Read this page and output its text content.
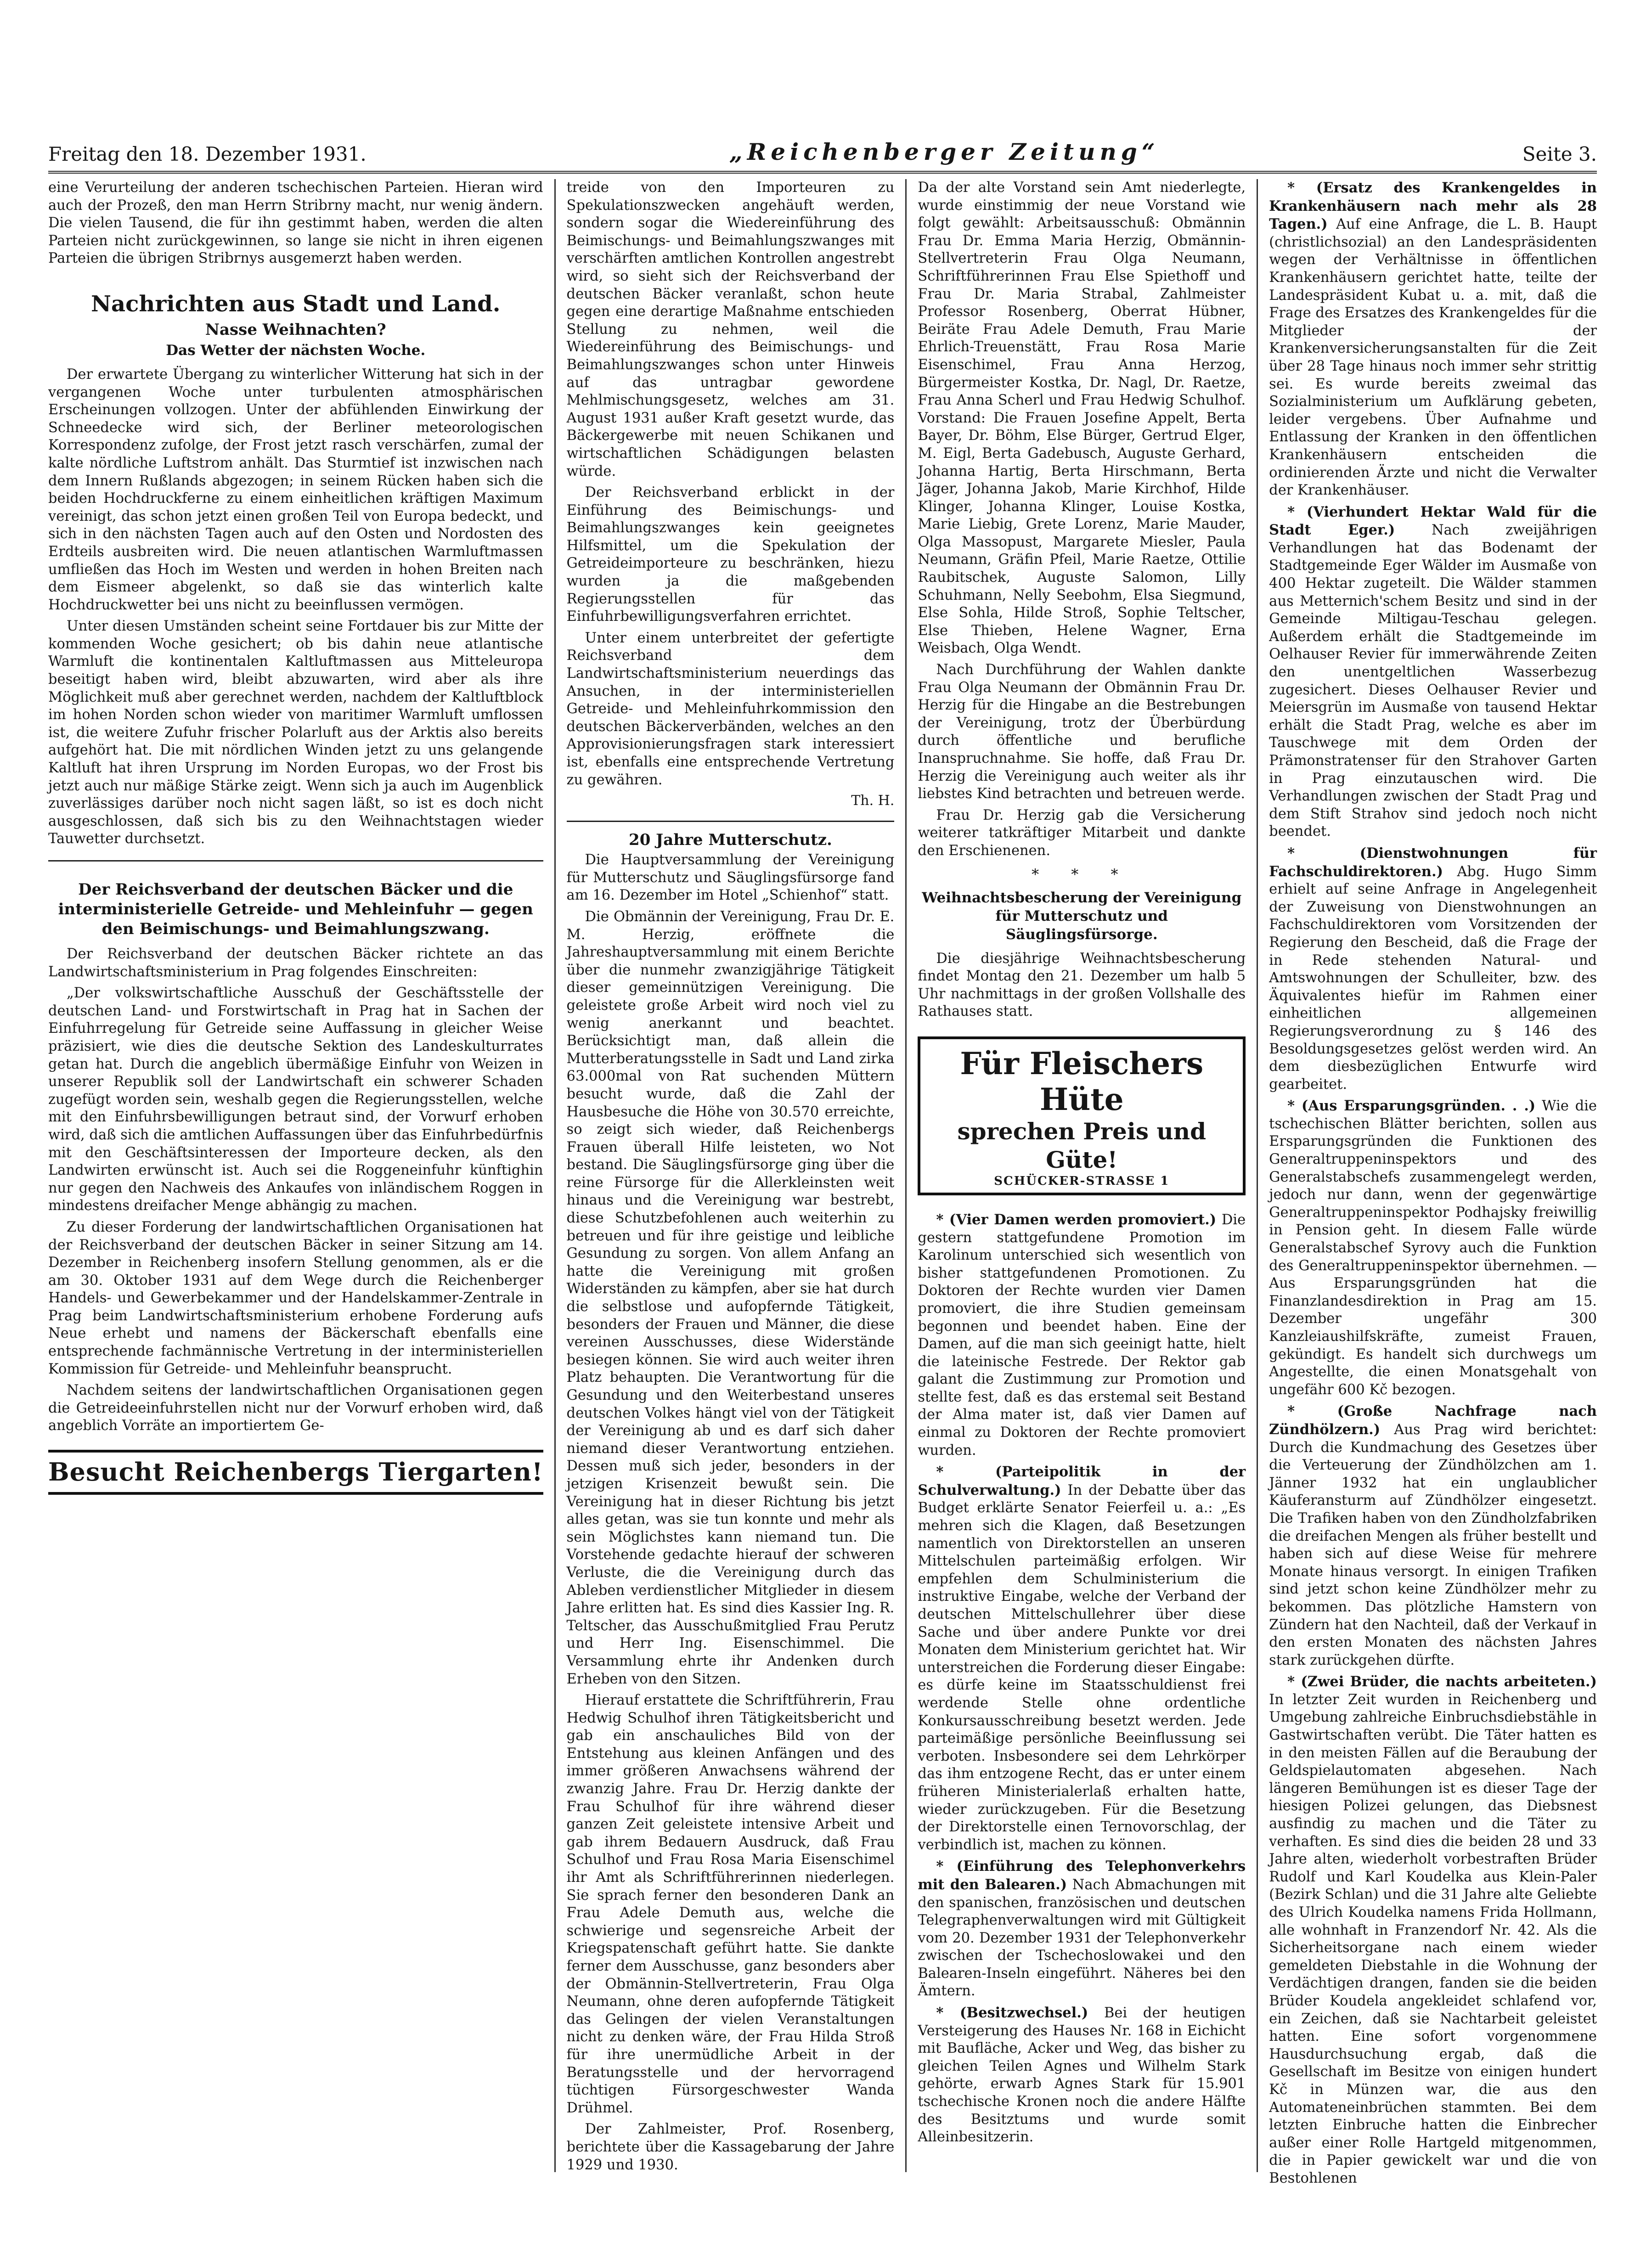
Freitag den 18. Dezember 1931.	„Reichenberger Zeitung“	Seite 3.

eine Verurteilung der anderen tschechischen Parteien. Hieran wird auch der Prozeß, den man Herrn Stribrny macht, nur wenig ändern. Die vielen Tausend, die für ihn gestimmt haben, werden die alten Parteien nicht zurückgewinnen, so lange sie nicht in ihren eigenen Parteien die übrigen Stribrnys ausgemerzt haben werden.

Nachrichten aus Stadt und Land.
Nasse Weihnachten?
Das Wetter der nächsten Woche.

Der erwartete Übergang zu winterlicher Witterung hat sich in der vergangenen Woche unter turbulenten atmosphärischen Erscheinungen vollzogen. Unter der abfühlenden Einwirkung der Schneedecke wird sich, der Berliner meteorologischen Korrespondenz zufolge, der Frost jetzt rasch verschärfen, zumal der kalte nördliche Luftstrom anhält. Das Sturmtief ist inzwischen nach dem Innern Rußlands abgezogen; in seinem Rücken haben sich die beiden Hochdruckferne zu einem einheitlichen kräftigen Maximum vereinigt, das schon jetzt einen großen Teil von Europa bedeckt, und sich in den nächsten Tagen auch auf den Osten und Nordosten des Erdteils ausbreiten wird. Die neuen atlantischen Warmluftmassen umfließen das Hoch im Westen und werden in hohen Breiten nach dem Eismeer abgelenkt, so daß sie das winterlich kalte Hochdruckwetter bei uns nicht zu beeinflussen vermögen.

Unter diesen Umständen scheint seine Fortdauer bis zur Mitte der kommenden Woche gesichert; ob bis dahin neue atlantische Warmluft die kontinentalen Kaltluftmassen aus Mitteleuropa beseitigt haben wird, bleibt abzuwarten, wird aber als ihre Möglichkeit muß aber gerechnet werden, nachdem der Kaltluftblock im hohen Norden schon wieder von maritimer Warmluft umflossen ist, die weitere Zufuhr frischer Polarluft aus der Arktis also bereits aufgehört hat. Die mit nördlichen Winden jetzt zu uns gelangende Kaltluft hat ihren Ursprung im Norden Europas, wo der Frost bis jetzt auch nur mäßige Stärke zeigt. Wenn sich ja auch im Augenblick zuverlässiges darüber noch nicht sagen läßt, so ist es doch nicht ausgeschlossen, daß sich bis zu den Weihnachtstagen wieder Tauwetter durchsetzt.

Der Reichsverband der deutschen Bäcker und die interministerielle Getreide- und Mehleinfuhr — gegen den Beimischungs- und Beimahlungszwang.

Der Reichsverband der deutschen Bäcker richtete an das Landwirtschaftsministerium in Prag folgendes Einschreiten:

„Der volkswirtschaftliche Ausschuß der Geschäftsstelle der deutschen Land- und Forstwirtschaft in Prag hat in Sachen der Einfuhrregelung für Getreide seine Auffassung in gleicher Weise präzisiert, wie dies die deutsche Sektion des Landeskulturrates getan hat. Durch die angeblich übermäßige Einfuhr von Weizen in unserer Republik soll der Landwirtschaft ein schwerer Schaden zugefügt worden sein, weshalb gegen die Regierungsstellen, welche mit den Einfuhrsbewilligungen betraut sind, der Vorwurf erhoben wird, daß sich die amtlichen Auffassungen über das Einfuhrbedürfnis mit den Geschäftsinteressen der Importeure decken, als den Landwirten erwünscht ist. Auch sei die Roggeneinfuhr künftighin nur gegen den Nachweis des Ankaufes von inländischem Roggen in mindestens dreifacher Menge abhängig zu machen.

Zu dieser Forderung der landwirtschaftlichen Organisationen hat der Reichsverband der deutschen Bäcker in seiner Sitzung am 14. Dezember in Reichenberg insofern Stellung genommen, als er die am 30. Oktober 1931 auf dem Wege durch die Reichenberger Handels- und Gewerbekammer und der Handelskammer-Zentrale in Prag beim Landwirtschaftsministerium erhobene Forderung aufs Neue erhebt und namens der Bäckerschaft ebenfalls eine entsprechende fachmännische Vertretung in der interministeriellen Kommission für Getreide- und Mehleinfuhr beansprucht.

Nachdem seitens der landwirtschaftlichen Organisationen gegen die Getreideeinfuhrstellen nicht nur der Vorwurf erhoben wird, daß angeblich Vorräte an importiertem Ge-

Besucht Reichenbergs Tiergarten!

treide von den Importeuren zu Spekulationszwecken angehäuft werden, sondern sogar die Wiedereinführung des Beimischungs- und Beimahlungszwanges mit verschärften amtlichen Kontrollen angestrebt wird, so sieht sich der Reichsverband der deutschen Bäcker veranlaßt, schon heute gegen eine derartige Maßnahme entschieden Stellung zu nehmen, weil die Wiedereinführung des Beimischungs- und Beimahlungszwanges schon unter Hinweis auf das untragbar gewordene Mehlmischungsgesetz, welches am 31. August 1931 außer Kraft gesetzt wurde, das Bäckergewerbe mit neuen Schikanen und wirtschaftlichen Schädigungen belasten würde.

Der Reichsverband erblickt in der Einführung des Beimischungs- und Beimahlungszwanges kein geeignetes Hilfsmittel, um die Spekulation der Getreideimporteure zu beschränken, hiezu wurden ja die maßgebenden Regierungsstellen für das Einfuhrbewilligungsverfahren errichtet.

Unter einem unterbreitet der gefertigte Reichsverband dem Landwirtschaftsministerium neuerdings das Ansuchen, in der interministeriellen Getreide- und Mehleinfuhrkommission den deutschen Bäckerverbänden, welches an den Approvisionierungsfragen stark interessiert ist, ebenfalls eine entsprechende Vertretung zu gewähren.

Th. H.
20 Jahre Mutterschutz.

Die Hauptversammlung der Vereinigung für Mutterschutz und Säuglingsfürsorge fand am 16. Dezember im Hotel „Schienhof“ statt.

Die Obmännin der Vereinigung, Frau Dr. E. M. Herzig, eröffnete die Jahreshauptversammlung mit einem Berichte über die nunmehr zwanzigjährige Tätigkeit dieser gemeinnützigen Vereinigung. Die geleistete große Arbeit wird noch viel zu wenig anerkannt und beachtet. Berücksichtigt man, daß allein die Mutterberatungsstelle in Sadt und Land zirka 63.000mal von Rat suchenden Müttern besucht wurde, daß die Zahl der Hausbesuche die Höhe von 30.570 erreichte, so zeigt sich wieder, daß Reichenbergs Frauen überall Hilfe leisteten, wo Not bestand. Die Säuglingsfürsorge ging über die reine Fürsorge für die Allerkleinsten weit hinaus und die Vereinigung war bestrebt, diese Schutzbefohlenen auch weiterhin zu betreuen und für ihre geistige und leibliche Gesundung zu sorgen. Von allem Anfang an hatte die Vereinigung mit großen Widerständen zu kämpfen, aber sie hat durch die selbstlose und aufopfernde Tätigkeit, besonders der Frauen und Männer, die diese vereinen Ausschusses, diese Widerstände besiegen können. Sie wird auch weiter ihren Platz behaupten. Die Verantwortung für die Gesundung und den Weiterbestand unseres deutschen Volkes hängt viel von der Tätigkeit der Vereinigung ab und es darf sich daher niemand dieser Verantwortung entziehen. Dessen muß sich jeder, besonders in der jetzigen Krisenzeit bewußt sein. Die Vereinigung hat in dieser Richtung bis jetzt alles getan, was sie tun konnte und mehr als sein Möglichstes kann niemand tun. Die Vorstehende gedachte hierauf der schweren Verluste, die die Vereinigung durch das Ableben verdienstlicher Mitglieder in diesem Jahre erlitten hat. Es sind dies Kassier Ing. R. Teltscher, das Ausschußmitglied Frau Perutz und Herr Ing. Eisenschimmel. Die Versammlung ehrte ihr Andenken durch Erheben von den Sitzen.

Hierauf erstattete die Schriftführerin, Frau Hedwig Schulhof ihren Tätigkeitsbericht und gab ein anschauliches Bild von der Entstehung aus kleinen Anfängen und des immer größeren Anwachsens während der zwanzig Jahre. Frau Dr. Herzig dankte der Frau Schulhof für ihre während dieser ganzen Zeit geleistete intensive Arbeit und gab ihrem Bedauern Ausdruck, daß Frau Schulhof und Frau Rosa Maria Eisenschimel ihr Amt als Schriftführerinnen niederlegen. Sie sprach ferner den besonderen Dank an Frau Adele Demuth aus, welche die schwierige und segensreiche Arbeit der Kriegspatenschaft geführt hatte. Sie dankte ferner dem Ausschusse, ganz besonders aber der Obmännin-Stellvertreterin, Frau Olga Neumann, ohne deren aufopfernde Tätigkeit das Gelingen der vielen Veranstaltungen nicht zu denken wäre, der Frau Hilda Stroß für ihre unermüdliche Arbeit in der Beratungsstelle und der hervorragend tüchtigen Fürsorgeschwester Wanda Drühmel.

Der Zahlmeister, Prof. Rosenberg, berichtete über die Kassagebarung der Jahre 1929 und 1930.

Da der alte Vorstand sein Amt niederlegte, wurde einstimmig der neue Vorstand wie folgt gewählt: Arbeitsausschuß: Obmännin Frau Dr. Emma Maria Herzig, Obmännin-Stellvertreterin Frau Olga Neumann, Schriftführerinnen Frau Else Spiethoff und Frau Dr. Maria Strabal, Zahlmeister Professor Rosenberg, Oberrat Hübner, Beiräte Frau Adele Demuth, Frau Marie Ehrlich-Treuenstätt, Frau Rosa Marie Eisenschimel, Frau Anna Herzog, Bürgermeister Kostka, Dr. Nagl, Dr. Raetze, Frau Anna Scherl und Frau Hedwig Schulhof. Vorstand: Die Frauen Josefine Appelt, Berta Bayer, Dr. Böhm, Else Bürger, Gertrud Elger, M. Eigl, Berta Gadebusch, Auguste Gerhard, Johanna Hartig, Berta Hirschmann, Berta Jäger, Johanna Jakob, Marie Kirchhof, Hilde Klinger, Johanna Klinger, Louise Kostka, Marie Liebig, Grete Lorenz, Marie Mauder, Olga Massopust, Margarete Miesler, Paula Neumann, Gräfin Pfeil, Marie Raetze, Ottilie Raubitschek, Auguste Salomon, Lilly Schuhmann, Nelly Seebohm, Elsa Siegmund, Else Sohla, Hilde Stroß, Sophie Teltscher, Else Thieben, Helene Wagner, Erna Weisbach, Olga Wendt.

Nach Durchführung der Wahlen dankte Frau Olga Neumann der Obmännin Frau Dr. Herzig für die Hingabe an die Bestrebungen der Vereinigung, trotz der Überbürdung durch öffentliche und berufliche Inanspruchnahme. Sie hoffe, daß Frau Dr. Herzig die Vereinigung auch weiter als ihr liebstes Kind betrachten und betreuen werde.

Frau Dr. Herzig gab die Versicherung weiterer tatkräftiger Mitarbeit und dankte den Erschienenen.

* * *
Weihnachtsbescherung der Vereinigung für Mutterschutz und Säuglingsfürsorge.

Die diesjährige Weihnachtsbescherung findet Montag den 21. Dezember um halb 5 Uhr nachmittags in der großen Vollshalle des Rathauses statt.

Für Fleischers Hüte
sprechen Preis und Güte!
SCHÜCKER-STRASSE 1

* (Vier Damen werden promoviert.) Die gestern stattgefundene Promotion im Karolinum unterschied sich wesentlich von bisher stattgefundenen Promotionen. Zu Doktoren der Rechte wurden vier Damen promoviert, die ihre Studien gemeinsam begonnen und beendet haben. Eine der Damen, auf die man sich geeinigt hatte, hielt die lateinische Festrede. Der Rektor gab galant die Zustimmung zur Promotion und stellte fest, daß es das erstemal seit Bestand der Alma mater ist, daß vier Damen auf einmal zu Doktoren der Rechte promoviert wurden.

* (Parteipolitik in der Schulverwaltung.) In der Debatte über das Budget erklärte Senator Feierfeil u. a.: „Es mehren sich die Klagen, daß Besetzungen namentlich von Direktorstellen an unseren Mittelschulen parteimäßig erfolgen. Wir empfehlen dem Schulministerium die instruktive Eingabe, welche der Verband der deutschen Mittelschullehrer über diese Sache und über andere Punkte vor drei Monaten dem Ministerium gerichtet hat. Wir unterstreichen die Forderung dieser Eingabe: es dürfe keine im Staatsschuldienst frei werdende Stelle ohne ordentliche Konkursausschreibung besetzt werden. Jede parteimäßige persönliche Beeinflussung sei verboten. Insbesondere sei dem Lehrkörper das ihm entzogene Recht, das er unter einem früheren Ministerialerlaß erhalten hatte, wieder zurückzugeben. Für die Besetzung der Direktorstelle einen Ternovorschlag, der verbindlich ist, machen zu können.

* (Einführung des Telephonverkehrs mit den Balearen.) Nach Abmachungen mit den spanischen, französischen und deutschen Telegraphenverwaltungen wird mit Gültigkeit vom 20. Dezember 1931 der Telephonverkehr zwischen der Tschechoslowakei und den Balearen-Inseln eingeführt. Näheres bei den Ämtern.

* (Besitzwechsel.) Bei der heutigen Versteigerung des Hauses Nr. 168 in Eichicht mit Baufläche, Acker und Weg, das bisher zu gleichen Teilen Agnes und Wilhelm Stark gehörte, erwarb Agnes Stark für 15.901 tschechische Kronen noch die andere Hälfte des Besitztums und wurde somit Alleinbesitzerin.

* (Ersatz des Krankengeldes in Krankenhäusern nach mehr als 28 Tagen.) Auf eine Anfrage, die L. B. Haupt (christlichsozial) an den Landespräsidenten wegen der Verhältnisse in öffentlichen Krankenhäusern gerichtet hatte, teilte der Landespräsident Kubat u. a. mit, daß die Frage des Ersatzes des Krankengeldes für die Mitglieder der Krankenversicherungsanstalten für die Zeit über 28 Tage hinaus noch immer sehr strittig sei. Es wurde bereits zweimal das Sozialministerium um Aufklärung gebeten, leider vergebens. Über Aufnahme und Entlassung der Kranken in den öffentlichen Krankenhäusern entscheiden die ordinierenden Ärzte und nicht die Verwalter der Krankenhäuser.

* (Vierhundert Hektar Wald für die Stadt Eger.)	Nach zweijährigen Verhandlungen hat das Bodenamt der Stadtgemeinde Eger Wälder im Ausmaße von 400 Hektar zugeteilt. Die Wälder stammen aus Metternich'schem Besitz und sind in der Gemeinde Miltigau-Teschau gelegen. Außerdem erhält die Stadtgemeinde im Oelhauser Revier für immerwährende Zeiten den unentgeltlichen Wasserbezug zugesichert. Dieses Oelhauser Revier und Meiersgrün im Ausmaße von tausend Hektar erhält die Stadt Prag, welche es aber im Tauschwege mit dem Orden der Prämonstratenser für den Strahover Garten in Prag einzutauschen wird. Die Verhandlungen zwischen der Stadt Prag und dem Stift Strahov sind jedoch noch nicht beendet.

* (Dienstwohnungen für Fachschuldirektoren.) Abg. Hugo Simm erhielt auf seine Anfrage in Angelegenheit der Zuweisung von Dienstwohnungen an Fachschuldirektoren vom Vorsitzenden der Regierung den Bescheid, daß die Frage der in Rede stehenden Natural- und Amtswohnungen der Schulleiter, bzw. des Äquivalentes hiefür im Rahmen einer einheitlichen allgemeinen Regierungsverordnung zu § 146 des Besoldungsgesetzes gelöst werden wird. An dem diesbezüglichen Entwurfe wird gearbeitet.

* (Aus Ersparungsgründen. . .) Wie die tschechischen Blätter berichten, sollen aus Ersparungsgründen die Funktionen des Generaltruppeninspektors und des Generalstabschefs zusammengelegt werden, jedoch nur dann, wenn der gegenwärtige Generaltruppeninspektor Podhajsky freiwillig in Pension geht. In diesem Falle würde Generalstabschef Syrovy auch die Funktion des Generaltruppeninspektor übernehmen. — Aus Ersparungsgründen hat die Finanzlandesdirektion in Prag am 15. Dezember ungefähr 300 Kanzleiaushilfskräfte, zumeist Frauen, gekündigt. Es handelt sich durchwegs um Angestellte, die einen Monatsgehalt von ungefähr 600 Kč bezogen.

* (Große Nachfrage nach Zündhölzern.) Aus Prag wird berichtet: Durch die Kundmachung des Gesetzes über die Verteuerung der Zündhölzchen am 1. Jänner 1932 hat ein unglaublicher Käuferansturm auf Zündhölzer eingesetzt. Die Trafiken haben von den Zündholzfabriken die dreifachen Mengen als früher bestellt und haben sich auf diese Weise für mehrere Monate hinaus versorgt. In einigen Trafiken sind jetzt schon keine Zündhölzer mehr zu bekommen. Das plötzliche Hamstern von Zündern hat den Nachteil, daß der Verkauf in den ersten Monaten des nächsten Jahres stark zurückgehen dürfte.

* (Zwei Brüder, die nachts arbeiteten.) In letzter Zeit wurden in Reichenberg und Umgebung zahlreiche Einbruchsdiebstähle in Gastwirtschaften verübt. Die Täter hatten es in den meisten Fällen auf die Beraubung der Geldspielautomaten abgesehen. Nach längeren Bemühungen ist es dieser Tage der hiesigen Polizei gelungen, das Diebsnest ausfindig zu machen und die Täter zu verhaften. Es sind dies die beiden 28 und 33 Jahre alten, wiederholt vorbestraften Brüder Rudolf und Karl Koudelka aus Klein-Paler (Bezirk Schlan) und die 31 Jahre alte Geliebte des Ulrich Koudelka namens Frida Hollmann, alle wohnhaft in Franzendorf Nr. 42. Als die Sicherheitsorgane nach einem wieder gemeldeten Diebstahle in die Wohnung der Verdächtigen drangen, fanden sie die beiden Brüder Koudela angekleidet schlafend vor, ein Zeichen, daß sie Nachtarbeit geleistet hatten. Eine sofort vorgenommene Hausdurchsuchung ergab, daß die Gesellschaft im Besitze von einigen hundert Kč in Münzen war, die aus den Automateneinbrüchen stammten. Bei dem letzten Einbruche hatten die Einbrecher außer einer Rolle Hartgeld mitgenommen, die in Papier gewickelt war und die von Bestohlenen
